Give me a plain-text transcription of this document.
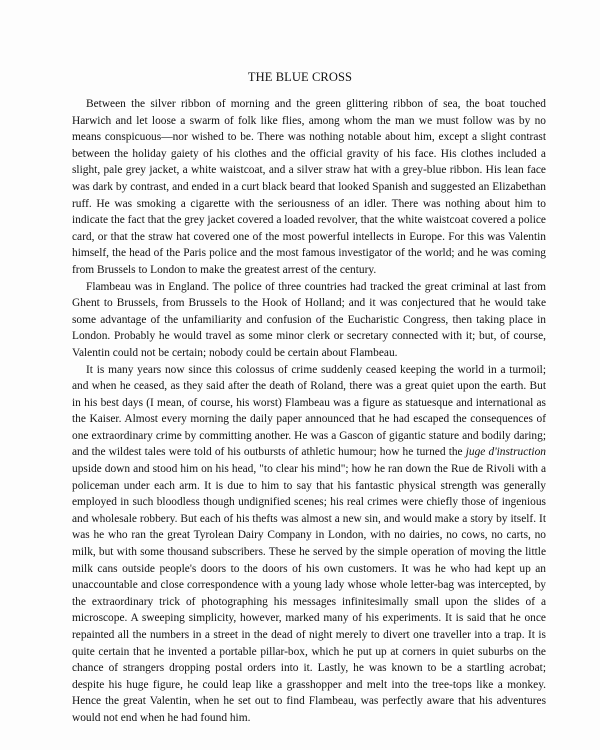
THE BLUE CROSS

Between the silver ribbon of morning and the green glittering ribbon of sea, the boat touched Harwich and let loose a swarm of folk like flies, among whom the man we must follow was by no means conspicuous—nor wished to be. There was nothing notable about him, except a slight contrast between the holiday gaiety of his clothes and the official gravity of his face. His clothes included a slight, pale grey jacket, a white waistcoat, and a silver straw hat with a grey-blue ribbon. His lean face was dark by contrast, and ended in a curt black beard that looked Spanish and suggested an Elizabethan ruff. He was smoking a cigarette with the seriousness of an idler. There was nothing about him to indicate the fact that the grey jacket covered a loaded revolver, that the white waistcoat covered a police card, or that the straw hat covered one of the most powerful intellects in Europe. For this was Valentin himself, the head of the Paris police and the most famous investigator of the world; and he was coming from Brussels to London to make the greatest arrest of the century.

Flambeau was in England. The police of three countries had tracked the great criminal at last from Ghent to Brussels, from Brussels to the Hook of Holland; and it was conjectured that he would take some advantage of the unfamiliarity and confusion of the Eucharistic Congress, then taking place in London. Probably he would travel as some minor clerk or secretary connected with it; but, of course, Valentin could not be certain; nobody could be certain about Flambeau.

It is many years now since this colossus of crime suddenly ceased keeping the world in a turmoil; and when he ceased, as they said after the death of Roland, there was a great quiet upon the earth. But in his best days (I mean, of course, his worst) Flambeau was a figure as statuesque and international as the Kaiser. Almost every morning the daily paper announced that he had escaped the consequences of one extraordinary crime by committing another. He was a Gascon of gigantic stature and bodily daring; and the wildest tales were told of his outbursts of athletic humour; how he turned the juge d'instruction upside down and stood him on his head, "to clear his mind"; how he ran down the Rue de Rivoli with a policeman under each arm. It is due to him to say that his fantastic physical strength was generally employed in such bloodless though undignified scenes; his real crimes were chiefly those of ingenious and wholesale robbery. But each of his thefts was almost a new sin, and would make a story by itself. It was he who ran the great Tyrolean Dairy Company in London, with no dairies, no cows, no carts, no milk, but with some thousand subscribers. These he served by the simple operation of moving the little milk cans outside people's doors to the doors of his own customers. It was he who had kept up an unaccountable and close correspondence with a young lady whose whole letter-bag was intercepted, by the extraordinary trick of photographing his messages infinitesimally small upon the slides of a microscope. A sweeping simplicity, however, marked many of his experiments. It is said that he once repainted all the numbers in a street in the dead of night merely to divert one traveller into a trap. It is quite certain that he invented a portable pillar-box, which he put up at corners in quiet suburbs on the chance of strangers dropping postal orders into it. Lastly, he was known to be a startling acrobat; despite his huge figure, he could leap like a grasshopper and melt into the tree-tops like a monkey. Hence the great Valentin, when he set out to find Flambeau, was perfectly aware that his adventures would not end when he had found him.
